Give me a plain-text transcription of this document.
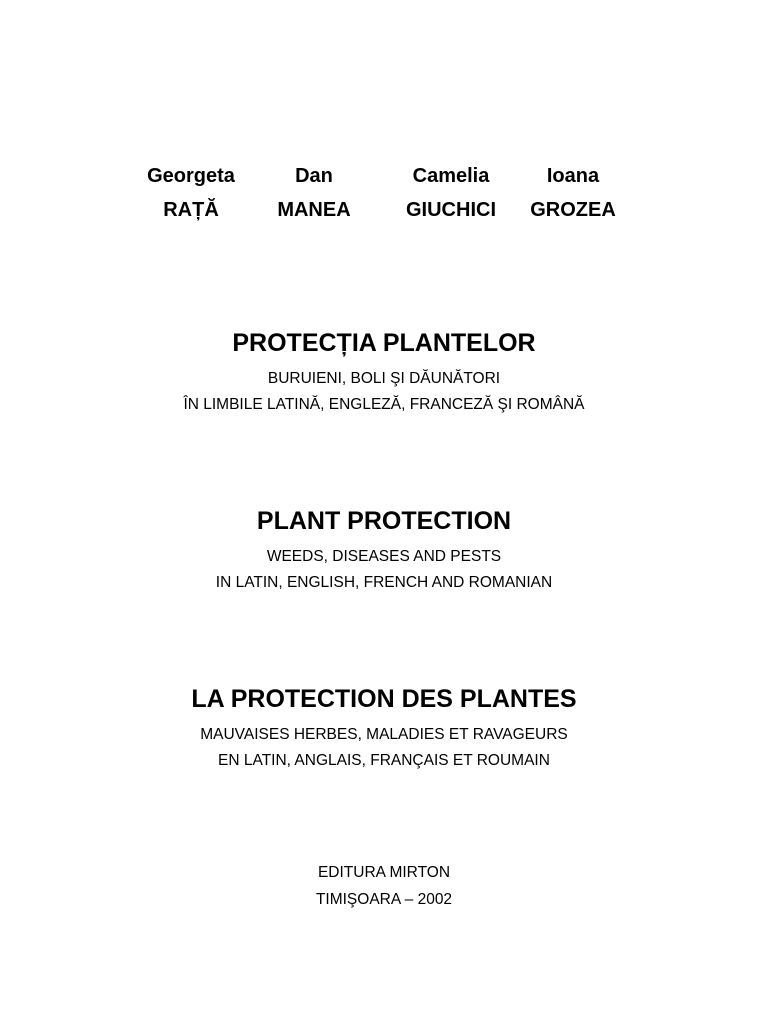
Georgeta
RAȚĂ
Dan
MANEA
Camelia
GIUCHICI
Ioana
GROZEA
PROTECȚIA PLANTELOR
BURUIENI, BOLI ŞI DĂUNĂTORI
ÎN LIMBILE LATINĂ, ENGLEZĂ, FRANCEZĂ ŞI ROMÂNĂ
PLANT PROTECTION
WEEDS, DISEASES AND PESTS
IN LATIN, ENGLISH, FRENCH AND ROMANIAN
LA PROTECTION DES PLANTES
MAUVAISES HERBES, MALADIES ET RAVAGEURS
EN LATIN, ANGLAIS, FRANÇAIS ET ROUMAIN
EDITURA MIRTON
TIMIŞOARA – 2002
